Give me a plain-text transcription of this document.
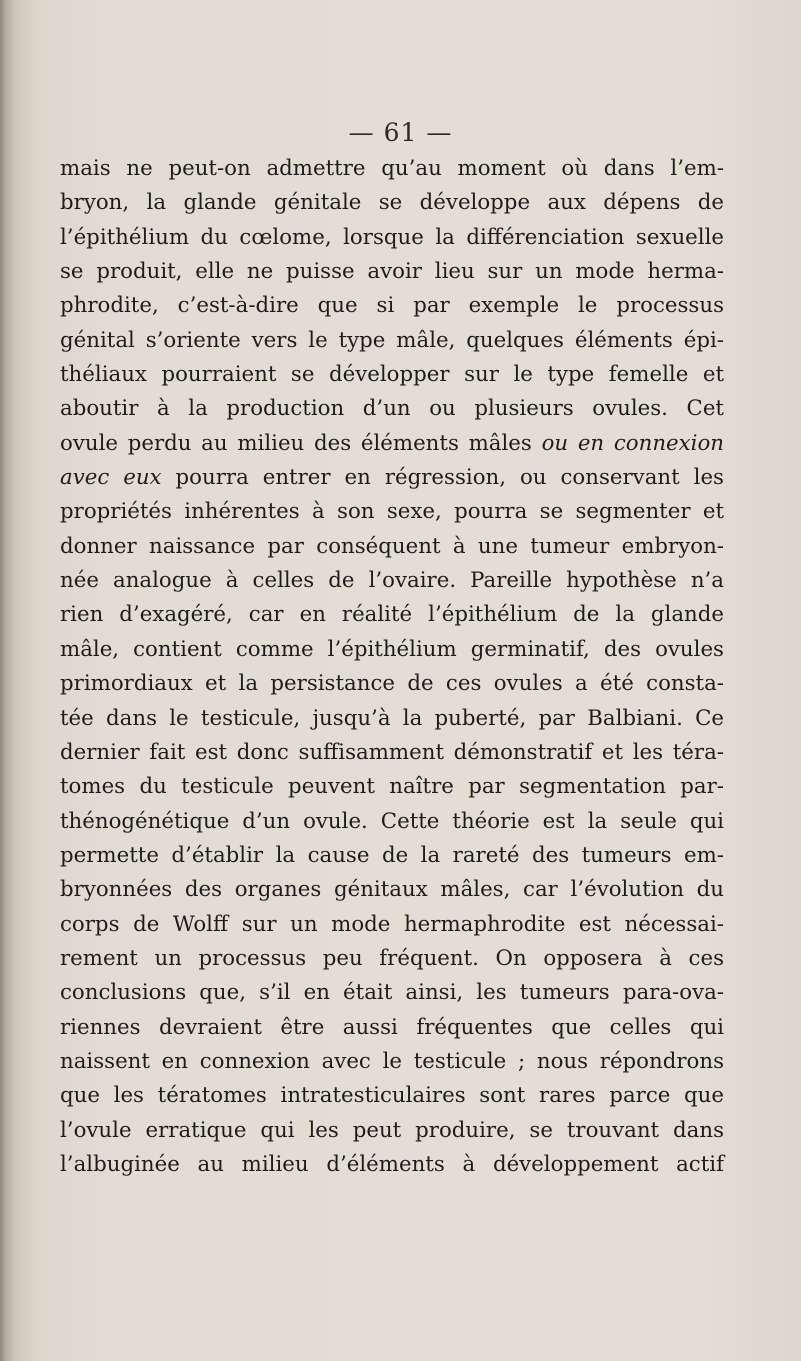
— 61 —

mais ne peut-on admettre qu’au moment où dans l’em-
bryon, la glande génitale se développe aux dépens de
l’épithélium du cœlome, lorsque la différenciation sexuelle
se produit, elle ne puisse avoir lieu sur un mode herma-
phrodite, c’est-à-dire que si par exemple le processus
génital s’oriente vers le type mâle, quelques éléments épi-
théliaux pourraient se développer sur le type femelle et
aboutir à la production d’un ou plusieurs ovules. Cet
ovule perdu au milieu des éléments mâles ou en connexion
avec eux pourra entrer en régression, ou conservant les
propriétés inhérentes à son sexe, pourra se segmenter et
donner naissance par conséquent à une tumeur embryon-
née analogue à celles de l’ovaire. Pareille hypothèse n’a
rien d’exagéré, car en réalité l’épithélium de la glande
mâle, contient comme l’épithélium germinatif, des ovules
primordiaux et la persistance de ces ovules a été consta-
tée dans le testicule, jusqu’à la puberté, par Balbiani. Ce
dernier fait est donc suffisamment démonstratif et les téra-
tomes du testicule peuvent naître par segmentation par-
thénogénétique d’un ovule. Cette théorie est la seule qui
permette d’établir la cause de la rareté des tumeurs em-
bryonnées des organes génitaux mâles, car l’évolution du
corps de Wolff sur un mode hermaphrodite est nécessai-
rement un processus peu fréquent. On opposera à ces
conclusions que, s’il en était ainsi, les tumeurs para-ova-
riennes devraient être aussi fréquentes que celles qui
naissent en connexion avec le testicule ; nous répondrons
que les tératomes intratesticulaires sont rares parce que
l’ovule erratique qui les peut produire, se trouvant dans
l’albuginée au milieu d’éléments à développement actif
